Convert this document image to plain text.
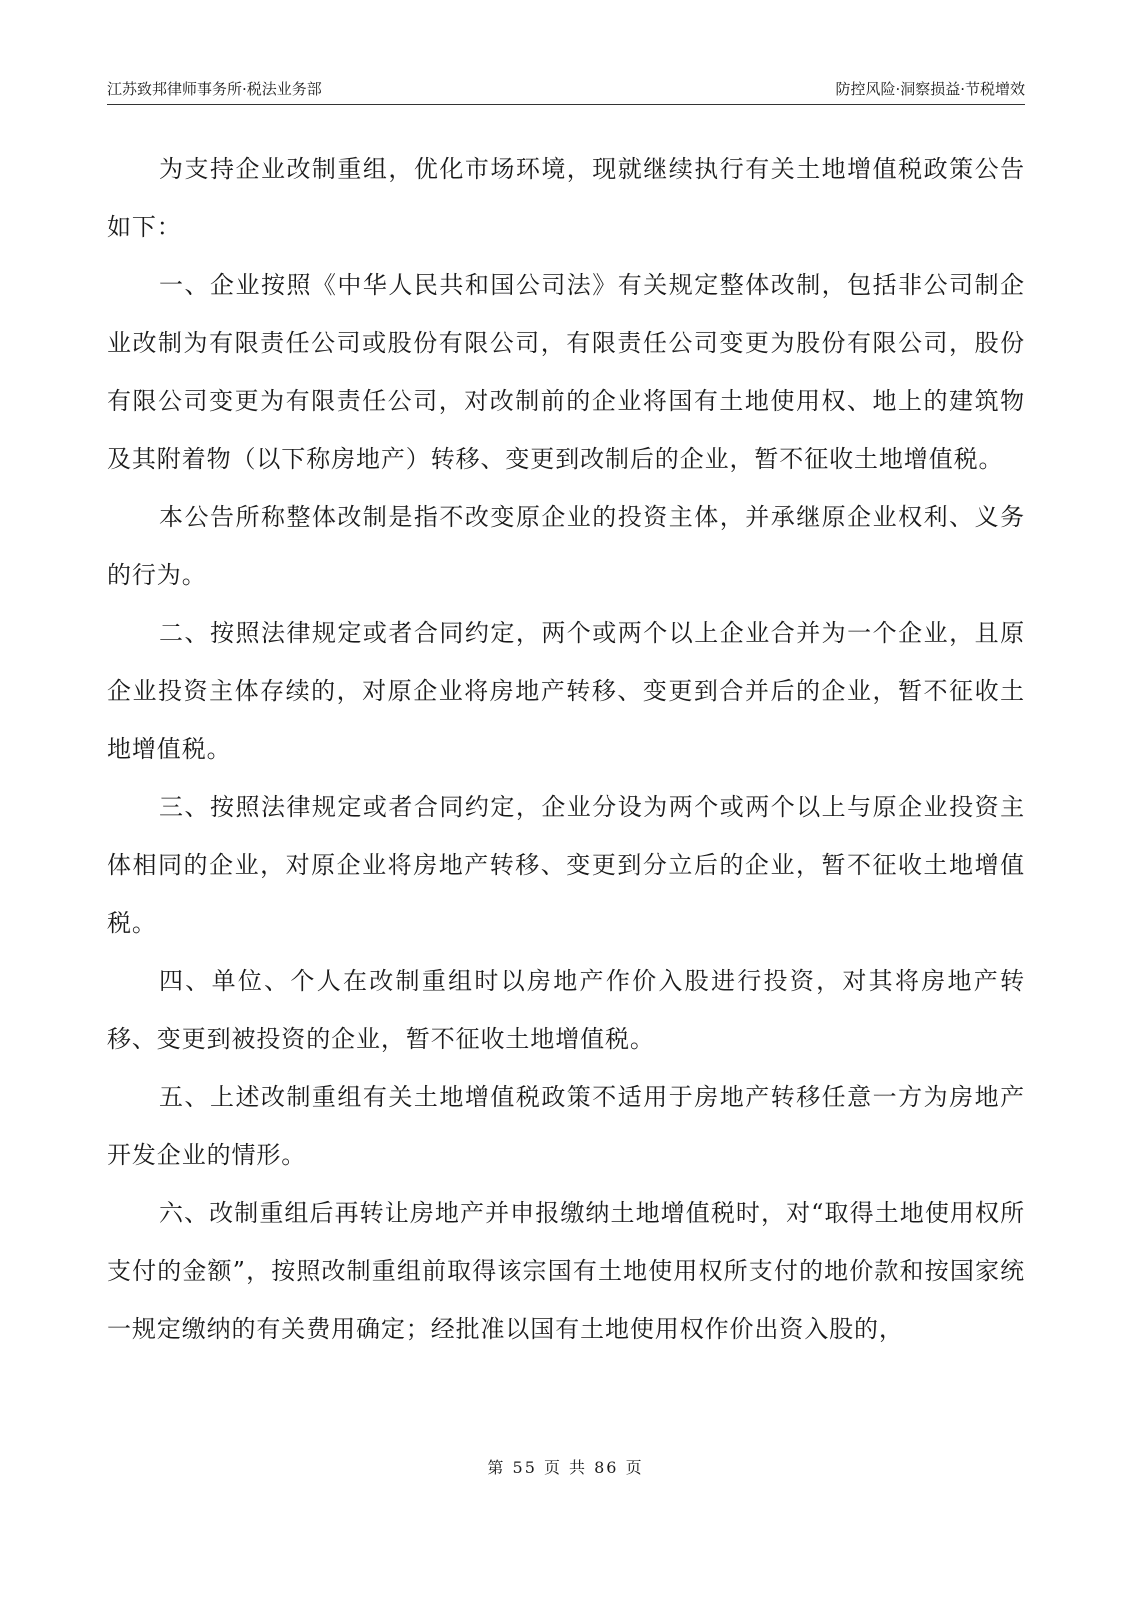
江苏致邦律师事务所·税法业务部	防控风险·洞察损益·节税增效

为支持企业改制重组，优化市场环境，现就继续执行有关土地增值税政策公告如下：

一、企业按照《中华人民共和国公司法》有关规定整体改制，包括非公司制企业改制为有限责任公司或股份有限公司，有限责任公司变更为股份有限公司，股份有限公司变更为有限责任公司，对改制前的企业将国有土地使用权、地上的建筑物及其附着物（以下称房地产）转移、变更到改制后的企业，暂不征收土地增值税。

本公告所称整体改制是指不改变原企业的投资主体，并承继原企业权利、义务的行为。

二、按照法律规定或者合同约定，两个或两个以上企业合并为一个企业，且原企业投资主体存续的，对原企业将房地产转移、变更到合并后的企业，暂不征收土地增值税。

三、按照法律规定或者合同约定，企业分设为两个或两个以上与原企业投资主体相同的企业，对原企业将房地产转移、变更到分立后的企业，暂不征收土地增值税。

四、单位、个人在改制重组时以房地产作价入股进行投资，对其将房地产转移、变更到被投资的企业，暂不征收土地增值税。

五、上述改制重组有关土地增值税政策不适用于房地产转移任意一方为房地产开发企业的情形。

六、改制重组后再转让房地产并申报缴纳土地增值税时，对“取得土地使用权所支付的金额”，按照改制重组前取得该宗国有土地使用权所支付的地价款和按国家统一规定缴纳的有关费用确定；经批准以国有土地使用权作价出资入股的，

第 55 页 共 86 页
